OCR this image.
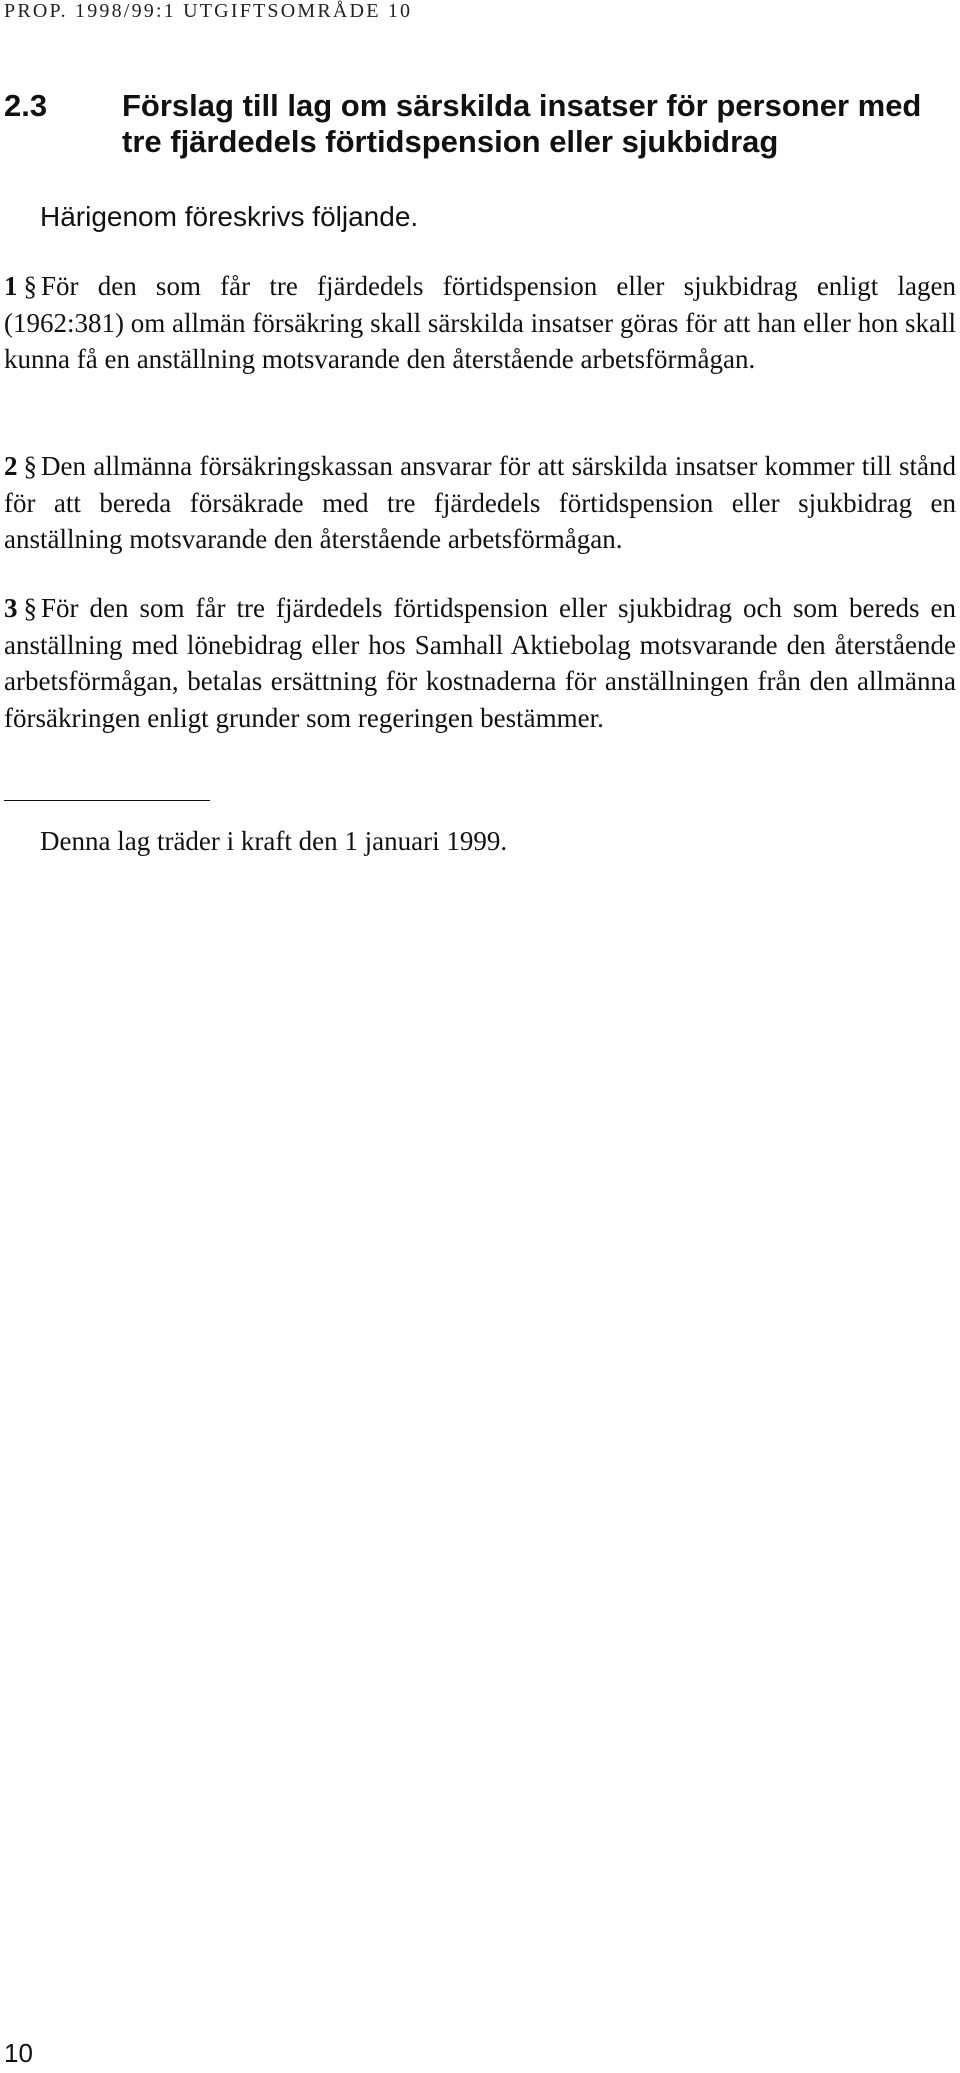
PROP. 1998/99:1 UTGIFTSOMRÅDE 10
2.3 Förslag till lag om särskilda insatser för personer med tre fjärdedels förtidspension eller sjukbidrag
Härigenom föreskrivs följande.
1 § För den som får tre fjärdedels förtidspension eller sjukbidrag enligt lagen (1962:381) om allmän försäkring skall särskilda insatser göras för att han eller hon skall kunna få en anställning motsvarande den återstående arbetsförmågan.
2 § Den allmänna försäkringskassan ansvarar för att särskilda insatser kommer till stånd för att bereda försäkrade med tre fjärdedels förtidspension eller sjukbidrag en anställning motsvarande den återstående arbetsförmågan.
3 § För den som får tre fjärdedels förtidspension eller sjukbidrag och som bereds en anställning med lönebidrag eller hos Samhall Aktiebolag motsvarande den återstående arbetsförmågan, betalas ersättning för kostnaderna för anställningen från den allmänna försäkringen enligt grunder som regeringen bestämmer.
Denna lag träder i kraft den 1 januari 1999.
10
